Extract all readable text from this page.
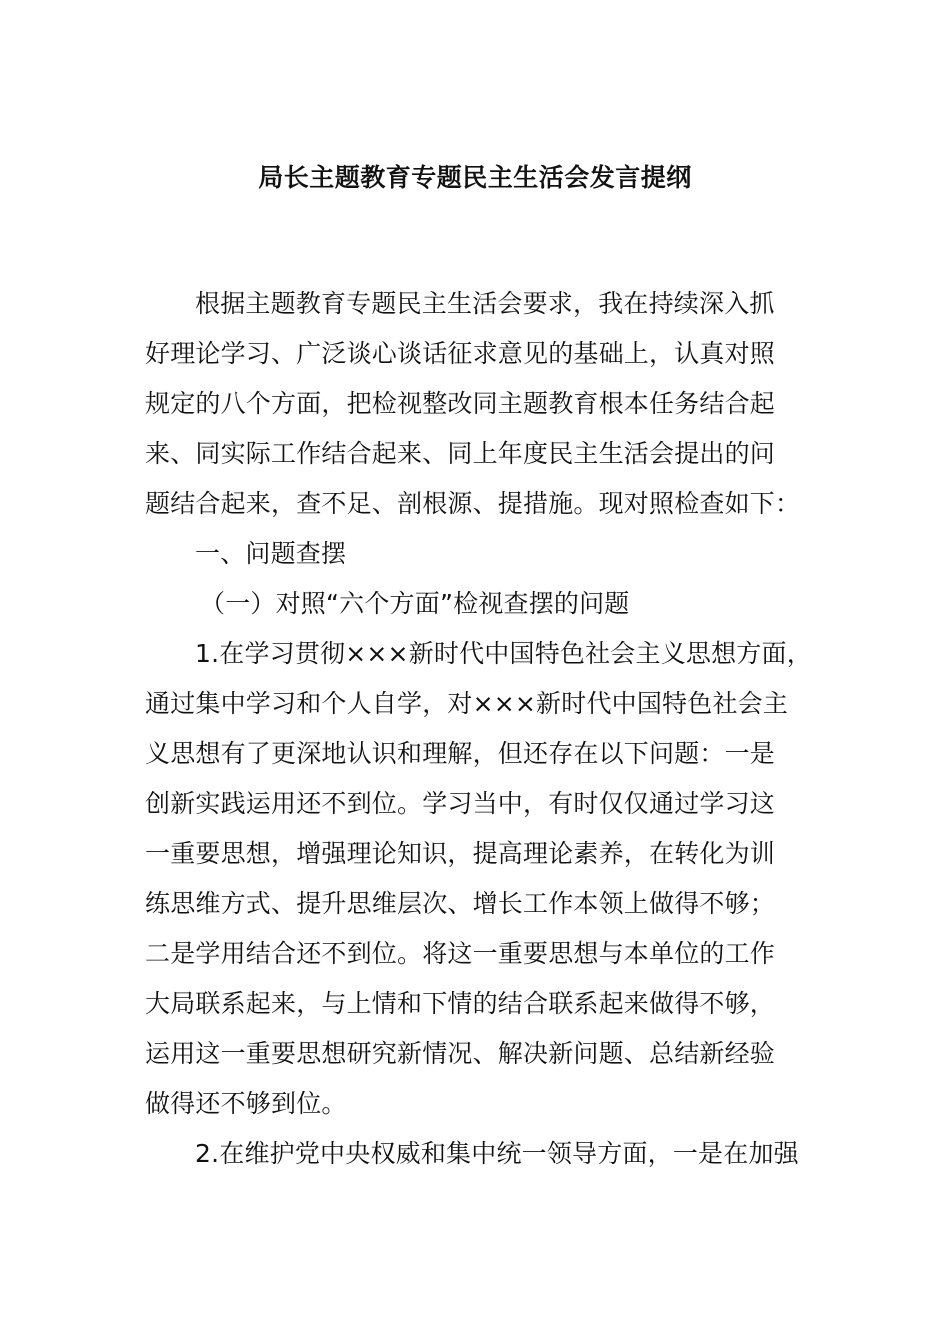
局长主题教育专题民主生活会发言提纲
根据主题教育专题民主生活会要求，我在持续深入抓
好理论学习、广泛谈心谈话征求意见的基础上，认真对照
规定的八个方面，把检视整改同主题教育根本任务结合起
来、同实际工作结合起来、同上年度民主生活会提出的问
题结合起来，查不足、剖根源、提措施。现对照检查如下：
一、问题查摆
（一）对照“六个方面”检视查摆的问题
1.在学习贯彻×××新时代中国特色社会主义思想方面，
通过集中学习和个人自学，对×××新时代中国特色社会主
义思想有了更深地认识和理解，但还存在以下问题：一是
创新实践运用还不到位。学习当中，有时仅仅通过学习这
一重要思想，增强理论知识，提高理论素养，在转化为训
练思维方式、提升思维层次、增长工作本领上做得不够；
二是学用结合还不到位。将这一重要思想与本单位的工作
大局联系起来，与上情和下情的结合联系起来做得不够，
运用这一重要思想研究新情况、解决新问题、总结新经验
做得还不够到位。
2.在维护党中央权威和集中统一领导方面，一是在加强
